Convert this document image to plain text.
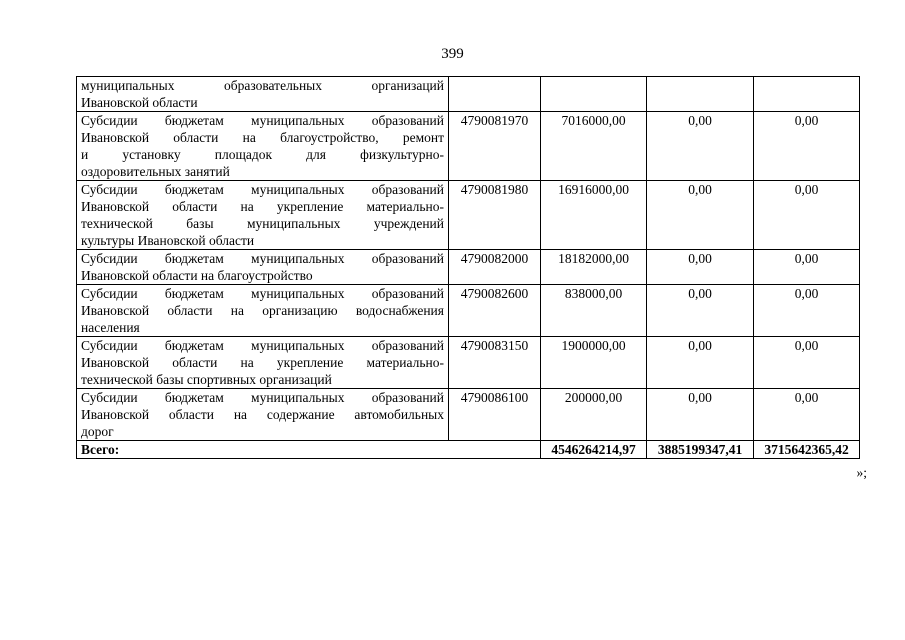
399
муниципальных образовательных организаций
Ивановской области				

Субсидии бюджетам муниципальных образований
Ивановской области на благоустройство, ремонт
и установку площадок для физкультурно-
оздоровительных занятий	4790081970	7016000,00	0,00	0,00

Субсидии бюджетам муниципальных образований
Ивановской области на укрепление материально-
технической базы муниципальных учреждений
культуры Ивановской области	4790081980	16916000,00	0,00	0,00

Субсидии бюджетам муниципальных образований
Ивановской области на благоустройство	4790082000	18182000,00	0,00	0,00

Субсидии бюджетам муниципальных образований
Ивановской области на организацию водоснабжения
населения	4790082600	838000,00	0,00	0,00

Субсидии бюджетам муниципальных образований
Ивановской области на укрепление материально-
технической базы спортивных организаций	4790083150	1900000,00	0,00	0,00

Субсидии бюджетам муниципальных образований
Ивановской области на содержание автомобильных
дорог	4790086100	200000,00	0,00	0,00
Всего:		4546264214,97	3885199347,41	3715642365,42
»;
